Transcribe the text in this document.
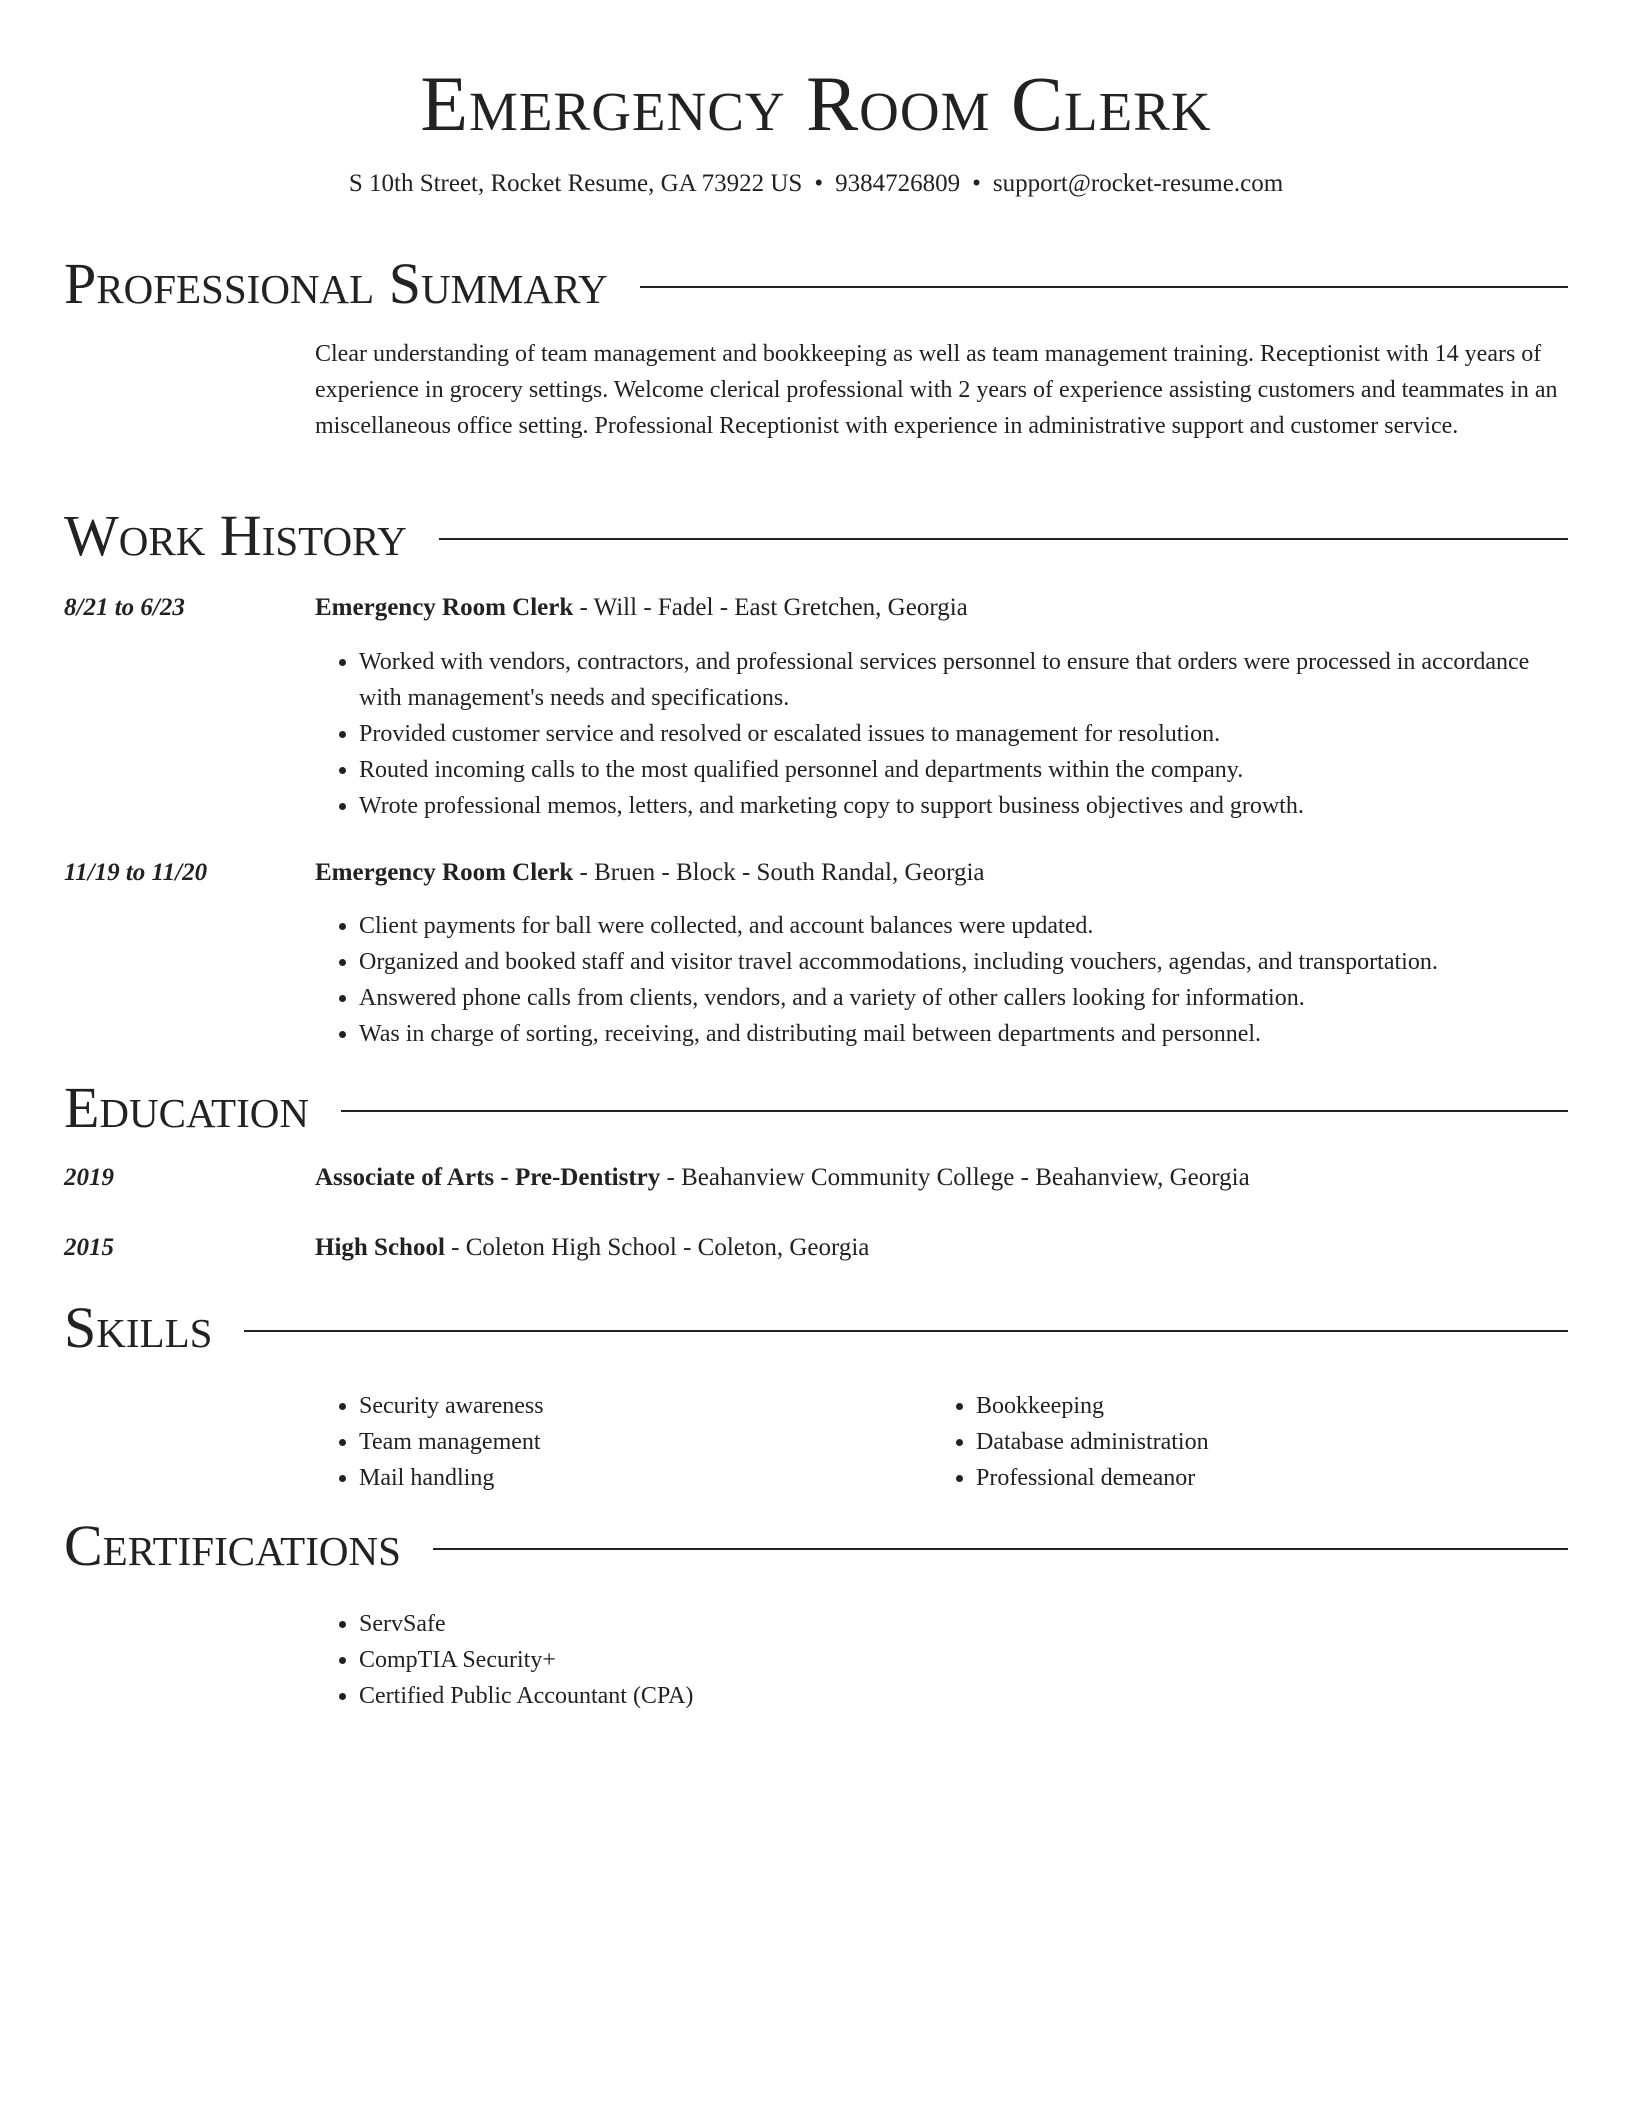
Emergency Room Clerk
S 10th Street, Rocket Resume, GA 73922 US • 9384726809 • support@rocket-resume.com
Professional Summary

Clear understanding of team management and bookkeeping as well as team management training. Receptionist with 14 years of experience in grocery settings. Welcome clerical professional with 2 years of experience assisting customers and teammates in an miscellaneous office setting. Professional Receptionist with experience in administrative support and customer service.

Work History
8/21 to 6/23	Emergency Room Clerk - Will - Fadel - East Gretchen, Georgia
• Worked with vendors, contractors, and professional services personnel to ensure that orders were processed in accordance with management's needs and specifications.
• Provided customer service and resolved or escalated issues to management for resolution.
• Routed incoming calls to the most qualified personnel and departments within the company.
• Wrote professional memos, letters, and marketing copy to support business objectives and growth.
11/19 to 11/20	Emergency Room Clerk - Bruen - Block - South Randal, Georgia
• Client payments for ball were collected, and account balances were updated.
• Organized and booked staff and visitor travel accommodations, including vouchers, agendas, and transportation.
• Answered phone calls from clients, vendors, and a variety of other callers looking for information.
• Was in charge of sorting, receiving, and distributing mail between departments and personnel.
Education
2019	Associate of Arts - Pre-Dentistry - Beahanview Community College - Beahanview, Georgia
2015	High School - Coleton High School - Coleton, Georgia
Skills
• Security awareness
• Team management
• Mail handling
• Bookkeeping
• Database administration
• Professional demeanor
Certifications
• ServSafe
• CompTIA Security+
• Certified Public Accountant (CPA)
